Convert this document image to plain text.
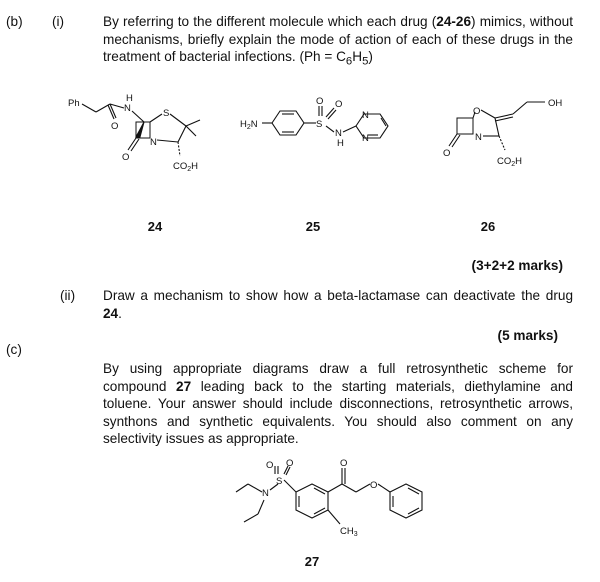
(b) (i)	By referring to the different molecule which each drug (24-26) mimics, without mechanisms, briefly explain the mode of action of each of these drugs in the treatment of bacterial infections. $(Ph = C_6H_5)$
Ph
O
N
H
S
N
O
$CO_2H$
$H_2N$	S
O O
N
H
N
N
O
N
O
OH
$CO_2H$
24	25	26
(3+2+2 marks)
(ii) Draw a mechanism to show how a beta-lactamase can deactivate the drug 24.
(5 marks)
(c)
By using appropriate diagrams draw a full retrosynthetic scheme for compound 27 leading back to the starting materials, diethylamine and toluene. Your answer should include disconnections, retrosynthetic arrows, synthons and synthetic equivalents. You should also comment on any selectivity issues as appropriate.
N
S
O O	O
O
$CH_3$
27
